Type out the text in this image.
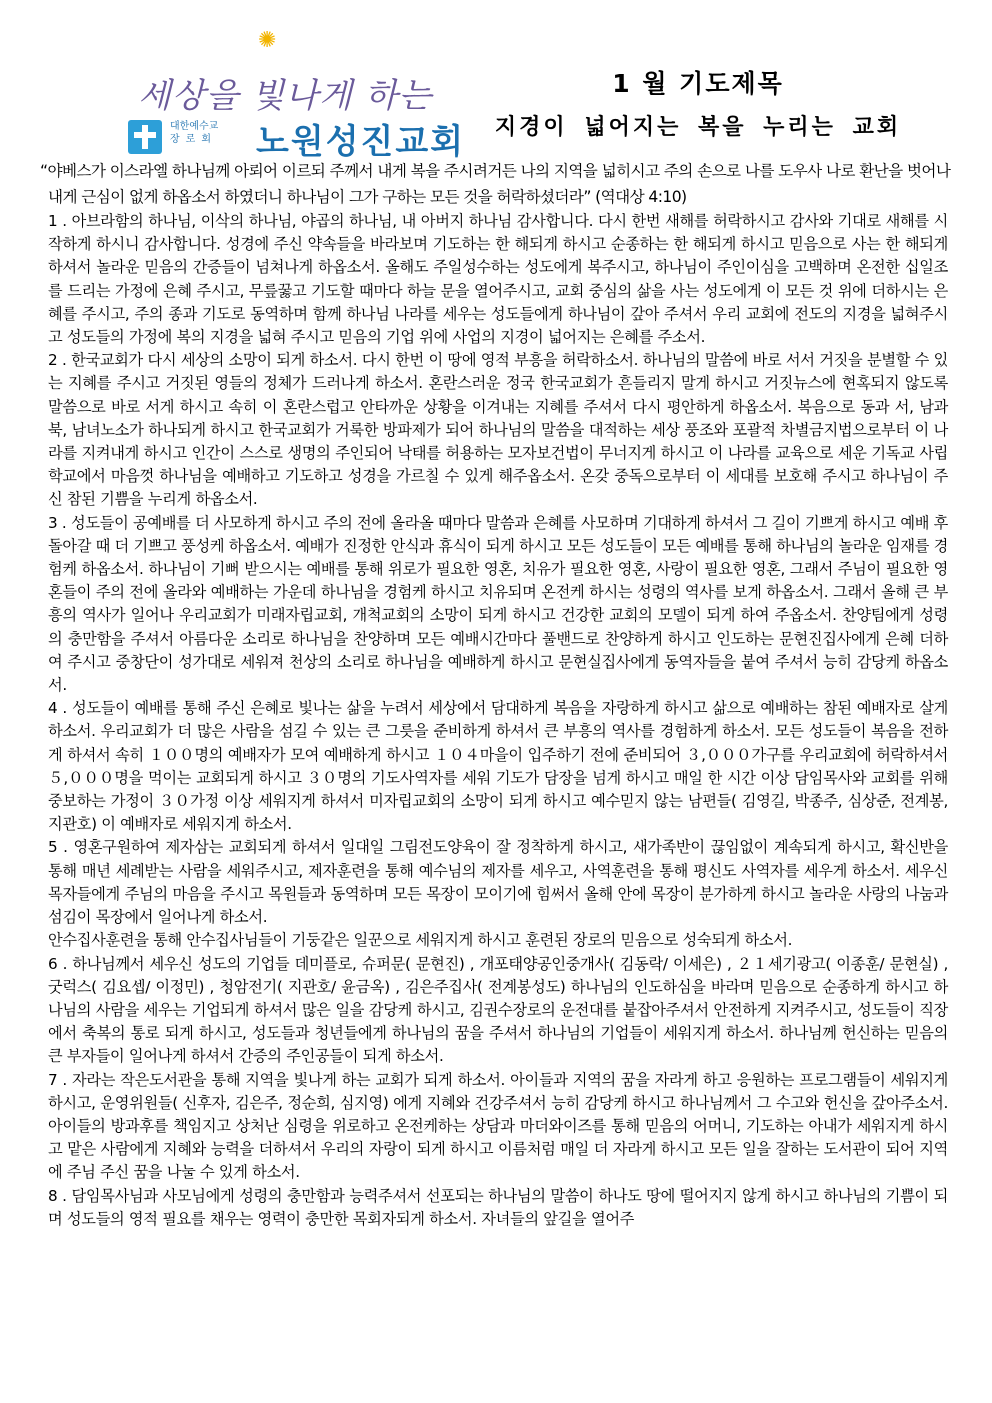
✺
세상을 빛나게 하는
대한예수교
장로회	노원성진교회
1 월 기도제목
지경이 넓어지는 복을 누리는 교회
“야베스가 이스라엘 하나님께 아뢰어 이르되 주께서 내게 복을 주시려거든 나의 지역을 넓히시고 주의 손으로 나를 도우사 나로 환난을 벗어나 내게 근심이 없게 하옵소서 하였더니 하나님이 그가 구하는 모든 것을 허락하셨더라” (역대상 4:10)

1 . 아브라함의 하나님, 이삭의 하나님, 야곱의 하나님, 내 아버지 하나님 감사합니다. 다시 한번 새해를 허락하시고 감사와 기대로 새해를 시작하게 하시니 감사합니다. 성경에 주신 약속들을 바라보며 기도하는 한 해되게 하시고 순종하는 한 해되게 하시고 믿음으로 사는 한 해되게 하셔서 놀라운 믿음의 간증들이 넘쳐나게 하옵소서. 올해도 주일성수하는 성도에게 복주시고, 하나님이 주인이심을 고백하며 온전한 십일조를 드리는 가정에 은혜 주시고, 무릎꿇고 기도할 때마다 하늘 문을 열어주시고, 교회 중심의 삶을 사는 성도에게 이 모든 것 위에 더하시는 은혜를 주시고, 주의 종과 기도로 동역하며 함께 하나님 나라를 세우는 성도들에게 하나님이 갚아 주셔서 우리 교회에 전도의 지경을 넓혀주시고 성도들의 가정에 복의 지경을 넓혀 주시고 믿음의 기업 위에 사업의 지경이 넓어지는 은혜를 주소서.

2 . 한국교회가 다시 세상의 소망이 되게 하소서. 다시 한번 이 땅에 영적 부흥을 허락하소서. 하나님의 말씀에 바로 서서 거짓을 분별할 수 있는 지혜를 주시고 거짓된 영들의 정체가 드러나게 하소서. 혼란스러운 정국 한국교회가 흔들리지 말게 하시고 거짓뉴스에 현혹되지 않도록 말씀으로 바로 서게 하시고 속히 이 혼란스럽고 안타까운 상황을 이겨내는 지혜를 주셔서 다시 평안하게 하옵소서. 복음으로 동과 서, 남과 북, 남녀노소가 하나되게 하시고 한국교회가 거룩한 방파제가 되어 하나님의 말씀을 대적하는 세상 풍조와 포괄적 차별금지법으로부터 이 나라를 지켜내게 하시고 인간이 스스로 생명의 주인되어 낙태를 허용하는 모자보건법이 무너지게 하시고 이 나라를 교육으로 세운 기독교 사립학교에서 마음껏 하나님을 예배하고 기도하고 성경을 가르칠 수 있게 해주옵소서. 온갖 중독으로부터 이 세대를 보호해 주시고 하나님이 주신 참된 기쁨을 누리게 하옵소서.

3 . 성도들이 공예배를 더 사모하게 하시고 주의 전에 올라올 때마다 말씀과 은혜를 사모하며 기대하게 하셔서 그 길이 기쁘게 하시고 예배 후 돌아갈 때 더 기쁘고 풍성케 하옵소서. 예배가 진정한 안식과 휴식이 되게 하시고 모든 성도들이 모든 예배를 통해 하나님의 놀라운 임재를 경험케 하옵소서. 하나님이 기뻐 받으시는 예배를 통해 위로가 필요한 영혼, 치유가 필요한 영혼, 사랑이 필요한 영혼, 그래서 주님이 필요한 영혼들이 주의 전에 올라와 예배하는 가운데 하나님을 경험케 하시고 치유되며 온전케 하시는 성령의 역사를 보게 하옵소서. 그래서 올해 큰 부흥의 역사가 일어나 우리교회가 미래자립교회, 개척교회의 소망이 되게 하시고 건강한 교회의 모델이 되게 하여 주옵소서. 찬양팀에게 성령의 충만함을 주셔서 아름다운 소리로 하나님을 찬양하며 모든 예배시간마다 풀밴드로 찬양하게 하시고 인도하는 문현진집사에게 은혜 더하여 주시고 중창단이 성가대로 세워져 천상의 소리로 하나님을 예배하게 하시고 문현실집사에게 동역자들을 붙여 주셔서 능히 감당케 하옵소서.

4 . 성도들이 예배를 통해 주신 은혜로 빛나는 삶을 누려서 세상에서 담대하게 복음을 자랑하게 하시고 삶으로 예배하는 참된 예배자로 살게 하소서. 우리교회가 더 많은 사람을 섬길 수 있는 큰 그릇을 준비하게 하셔서 큰 부흥의 역사를 경험하게 하소서. 모든 성도들이 복음을 전하게 하셔서 속히 １００명의 예배자가 모여 예배하게 하시고 １０４마을이 입주하기 전에 준비되어 ３,０００가구를 우리교회에 허락하셔서 ５,０００명을 먹이는 교회되게 하시고 ３０명의 기도사역자를 세워 기도가 담장을 넘게 하시고 매일 한 시간 이상 담임목사와 교회를 위해 중보하는 가정이 ３０가정 이상 세워지게 하셔서 미자립교회의 소망이 되게 하시고 예수믿지 않는 남편들( 김영길, 박종주, 심상준, 전계봉, 지관호) 이 예배자로 세워지게 하소서.

5 . 영혼구원하여 제자삼는 교회되게 하셔서 일대일 그림전도양육이 잘 정착하게 하시고, 새가족반이 끊임없이 계속되게 하시고, 확신반을 통해 매년 세례받는 사람을 세워주시고, 제자훈련을 통해 예수님의 제자를 세우고, 사역훈련을 통해 평신도 사역자를 세우게 하소서. 세우신 목자들에게 주님의 마음을 주시고 목원들과 동역하며 모든 목장이 모이기에 힘써서 올해 안에 목장이 분가하게 하시고 놀라운 사랑의 나눔과 섬김이 목장에서 일어나게 하소서.

안수집사훈련을 통해 안수집사님들이 기둥같은 일꾼으로 세워지게 하시고 훈련된 장로의 믿음으로 성숙되게 하소서.

6 . 하나님께서 세우신 성도의 기업들 데미플로, 슈퍼문( 문현진) , 개포태양공인중개사( 김동락/ 이세은) , ２１세기광고( 이종훈/ 문현실) , 굿럭스( 김요셉/ 이정민) , 청암전기( 지관호/ 윤금옥) , 김은주집사( 전계봉성도) 하나님의 인도하심을 바라며 믿음으로 순종하게 하시고 하나님의 사람을 세우는 기업되게 하셔서 많은 일을 감당케 하시고, 김권수장로의 운전대를 붙잡아주셔서 안전하게 지켜주시고, 성도들이 직장에서 축복의 통로 되게 하시고, 성도들과 청년들에게 하나님의 꿈을 주셔서 하나님의 기업들이 세워지게 하소서. 하나님께 헌신하는 믿음의 큰 부자들이 일어나게 하셔서 간증의 주인공들이 되게 하소서.

7 . 자라는 작은도서관을 통해 지역을 빛나게 하는 교회가 되게 하소서. 아이들과 지역의 꿈을 자라게 하고 응원하는 프로그램들이 세워지게 하시고, 운영위원들( 신후자, 김은주, 정순희, 심지영) 에게 지혜와 건강주셔서 능히 감당케 하시고 하나님께서 그 수고와 헌신을 갚아주소서. 아이들의 방과후를 책임지고 상처난 심령을 위로하고 온전케하는 상담과 마더와이즈를 통해 믿음의 어머니, 기도하는 아내가 세워지게 하시고 맡은 사람에게 지혜와 능력을 더하셔서 우리의 자랑이 되게 하시고 이름처럼 매일 더 자라게 하시고 모든 일을 잘하는 도서관이 되어 지역에 주님 주신 꿈을 나눌 수 있게 하소서.

8 . 담임목사님과 사모님에게 성령의 충만함과 능력주셔서 선포되는 하나님의 말씀이 하나도 땅에 떨어지지 않게 하시고 하나님의 기쁨이 되며 성도들의 영적 필요를 채우는 영력이 충만한 목회자되게 하소서. 자녀들의 앞길을 열어주
